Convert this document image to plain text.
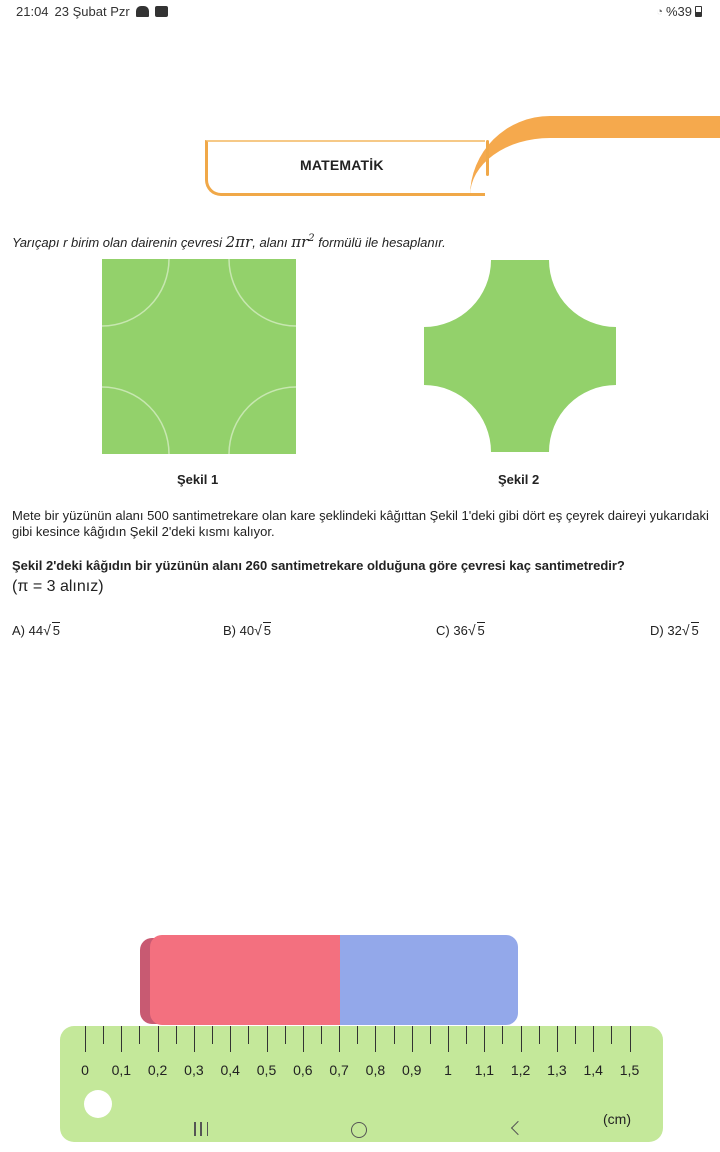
21:04 23 Şubat Pzr	◔ %39
MATEMATİK
Yarıçapı r birim olan dairenin çevresi 2πr, alanı $\pi r^2$ formülü ile hesaplanır.
Şekil 1	Şekil 2
Mete bir yüzünün alanı 500 santimetrekare olan kare şeklindeki kâğıttan Şekil 1'deki gibi dört eş çeyrek daireyi yukarıdaki gibi kesince kâğıdın Şekil 2'deki kısmı kalıyor.
Şekil 2'deki kâğıdın bir yüzünün alanı 260 santimetrekare olduğuna göre çevresi kaç santimetredir?
(π = 3 alınız)
A) 44√ 5	B) 40√ 5	C) 36√ 5	D) 32√ 5
0 0,1 0,2 0,3 0,4 0,5 0,6 0,7 0,8 0,9 1 1,1 1,2 1,3 1,4 1,5
(cm)
